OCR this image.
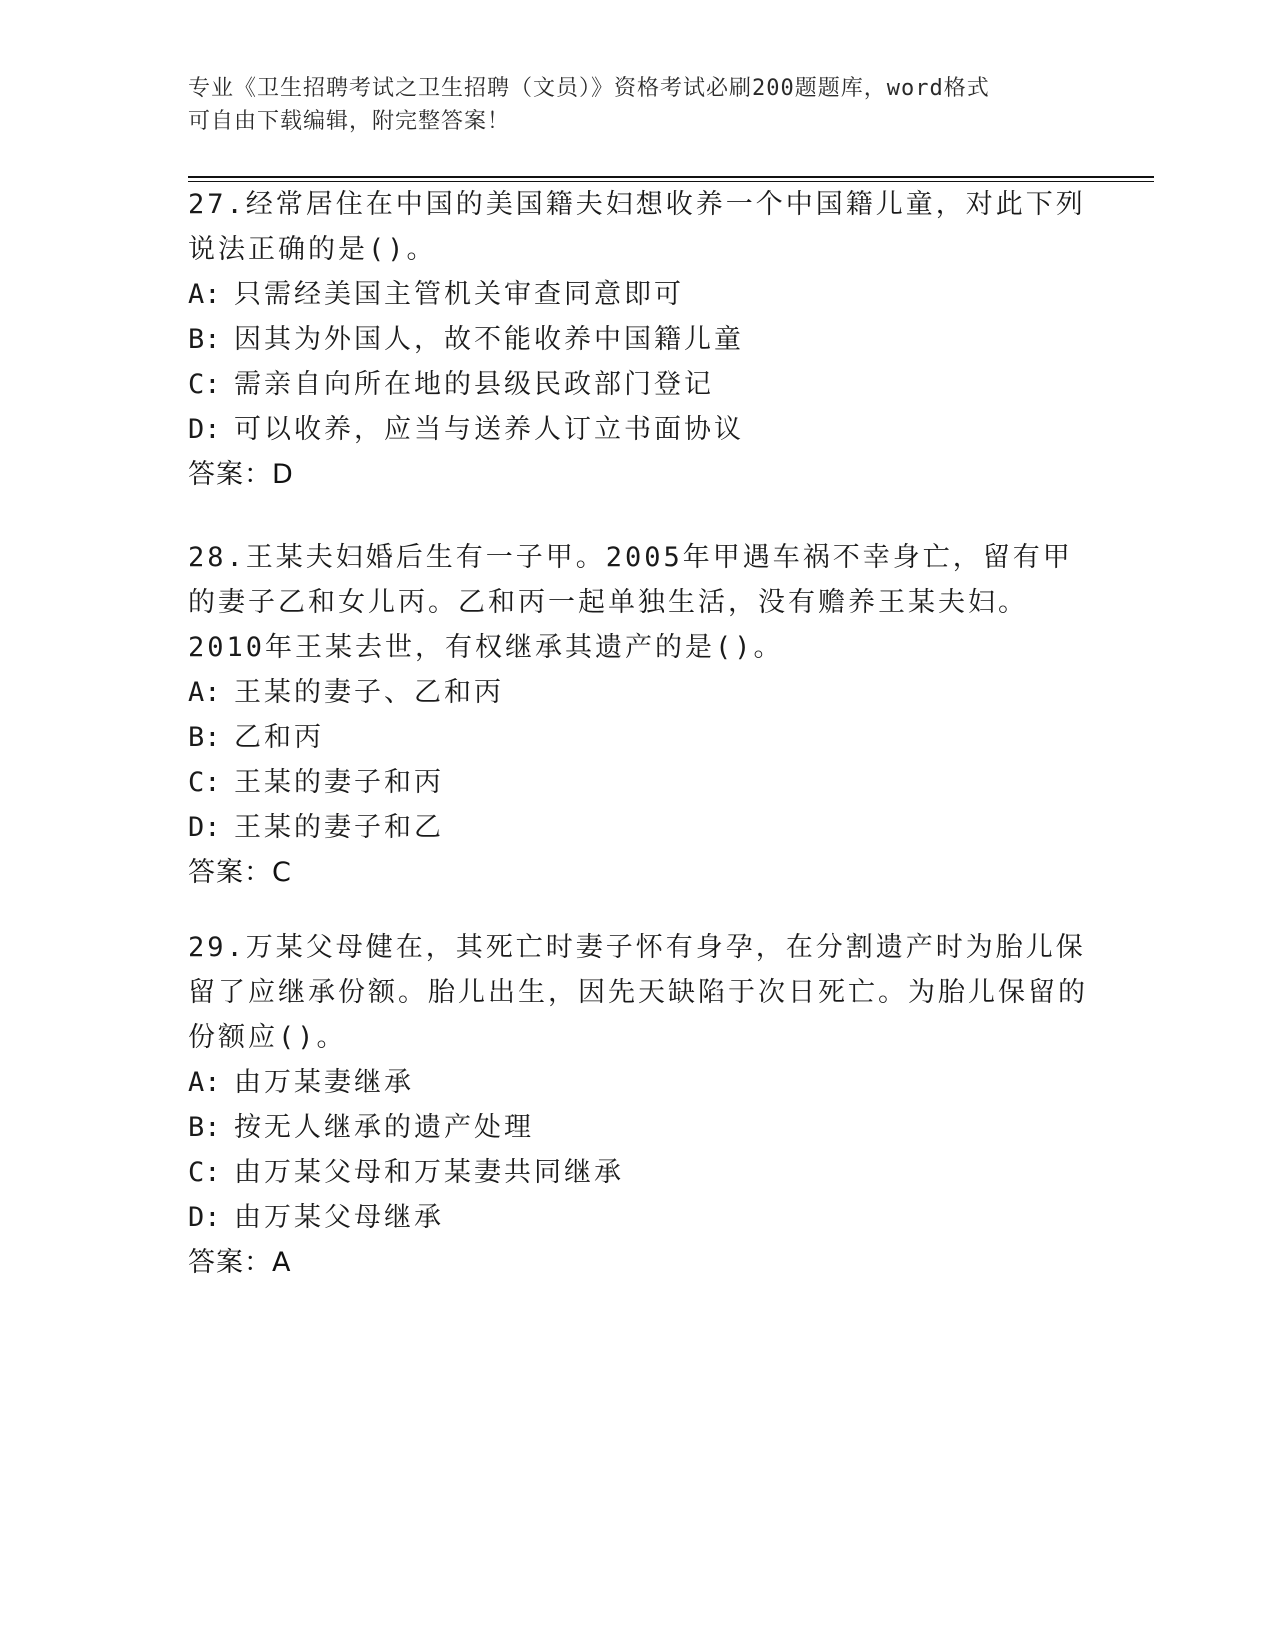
专业《卫生招聘考试之卫生招聘（文员）》资格考试必刷200题题库，word格式
可自由下载编辑，附完整答案！
27.经常居住在中国的美国籍夫妇想收养一个中国籍儿童，对此下列说法正确的是()。
A: 只需经美国主管机关审查同意即可
B: 因其为外国人，故不能收养中国籍儿童
C: 需亲自向所在地的县级民政部门登记
D: 可以收养，应当与送养人订立书面协议
答案：D
28.王某夫妇婚后生有一子甲。2005年甲遇车祸不幸身亡，留有甲的妻子乙和女儿丙。乙和丙一起单独生活，没有赡养王某夫妇。2010年王某去世，有权继承其遗产的是()。
A: 王某的妻子、乙和丙
B: 乙和丙
C: 王某的妻子和丙
D: 王某的妻子和乙
答案：C
29.万某父母健在，其死亡时妻子怀有身孕，在分割遗产时为胎儿保留了应继承份额。胎儿出生，因先天缺陷于次日死亡。为胎儿保留的份额应()。
A: 由万某妻继承
B: 按无人继承的遗产处理
C: 由万某父母和万某妻共同继承
D: 由万某父母继承
答案：A
